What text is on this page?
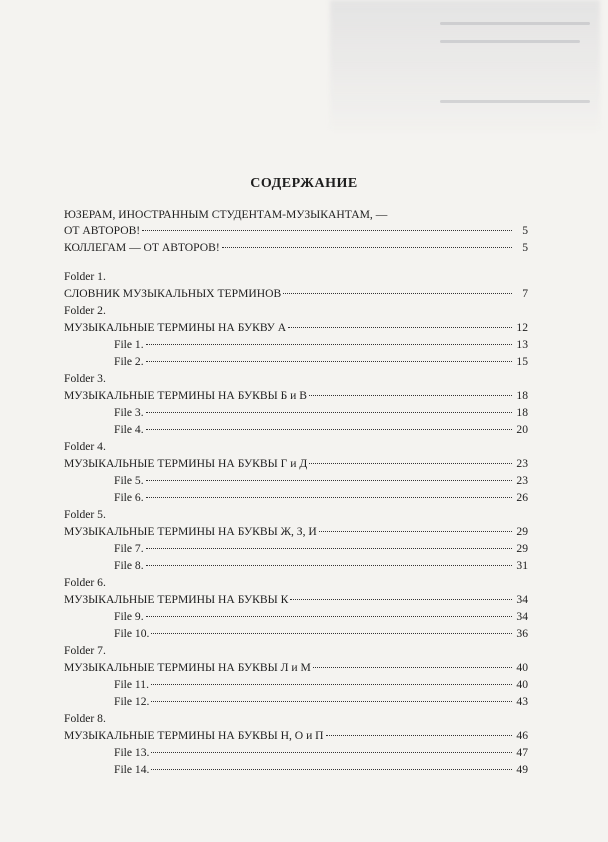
СОДЕРЖАНИЕ
ЮЗЕРАМ, ИНОСТРАННЫМ СТУДЕНТАМ-МУЗЫКАНТАМ, —
ОТ АВТОРОВ!	5
КОЛЛЕГАМ — ОТ АВТОРОВ!	5
Folder 1.
СЛОВНИК МУЗЫКАЛЬНЫХ ТЕРМИНОВ	7
Folder 2.
МУЗЫКАЛЬНЫЕ ТЕРМИНЫ НА БУКВУ А	12
File 1.	13
File 2.	15
Folder 3.
МУЗЫКАЛЬНЫЕ ТЕРМИНЫ НА БУКВЫ Б и В	18
File 3.	18
File 4.	20
Folder 4.
МУЗЫКАЛЬНЫЕ ТЕРМИНЫ НА БУКВЫ Г и Д	23
File 5.	23
File 6.	26
Folder 5.
МУЗЫКАЛЬНЫЕ ТЕРМИНЫ НА БУКВЫ Ж, З, И	29
File 7.	29
File 8.	31
Folder 6.
МУЗЫКАЛЬНЫЕ ТЕРМИНЫ НА БУКВЫ К	34
File 9.	34
File 10.	36
Folder 7.
МУЗЫКАЛЬНЫЕ ТЕРМИНЫ НА БУКВЫ Л и М	40
File 11.	40
File 12.	43
Folder 8.
МУЗЫКАЛЬНЫЕ ТЕРМИНЫ НА БУКВЫ Н, О и П	46
File 13.	47
File 14.	49
